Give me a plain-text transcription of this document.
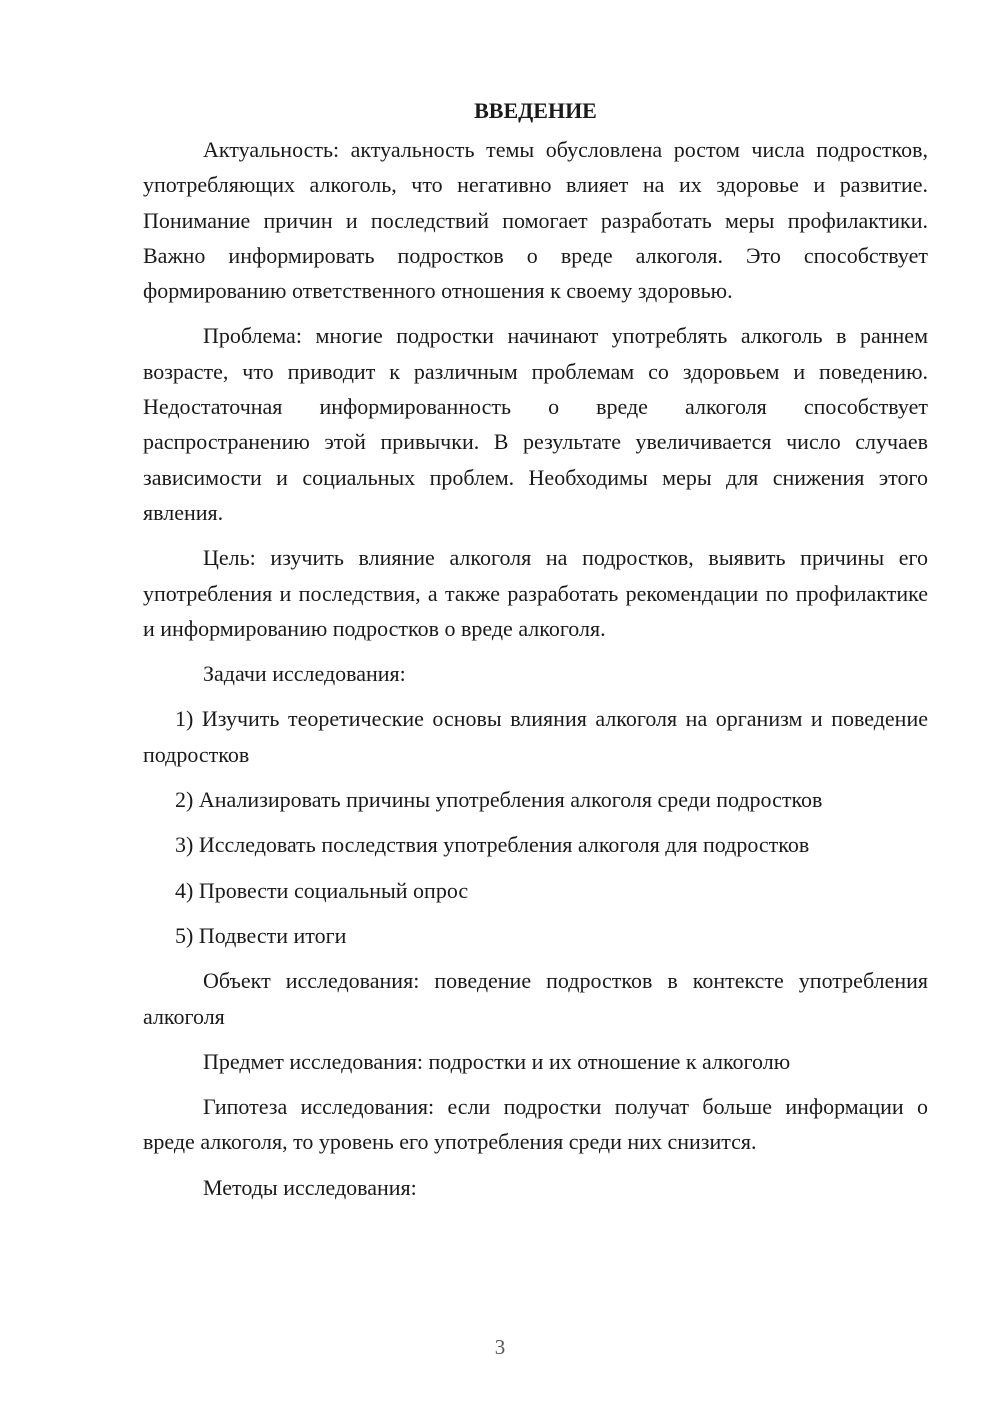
ВВЕДЕНИЕ

Актуальность: актуальность темы обусловлена ростом числа подростков, употребляющих алкоголь, что негативно влияет на их здоровье и развитие. Понимание причин и последствий помогает разработать меры профилактики. Важно информировать подростков о вреде алкоголя. Это способствует формированию ответственного отношения к своему здоровью.

Проблема: многие подростки начинают употреблять алкоголь в раннем возрасте, что приводит к различным проблемам со здоровьем и поведению. Недостаточная информированность о вреде алкоголя способствует распространению этой привычки. В результате увеличивается число случаев зависимости и социальных проблем. Необходимы меры для снижения этого явления.

Цель: изучить влияние алкоголя на подростков, выявить причины его употребления и последствия, а также разработать рекомендации по профилактике и информированию подростков о вреде алкоголя.

Задачи исследования:

1) Изучить теоретические основы влияния алкоголя на организм и поведение подростков

2) Анализировать причины употребления алкоголя среди подростков

3) Исследовать последствия употребления алкоголя для подростков

4) Провести социальный опрос

5) Подвести итоги

Объект исследования: поведение подростков в контексте употребления алкоголя

Предмет исследования: подростки и их отношение к алкоголю

Гипотеза исследования: если подростки получат больше информации о вреде алкоголя, то уровень его употребления среди них снизится.

Методы исследования:

3
